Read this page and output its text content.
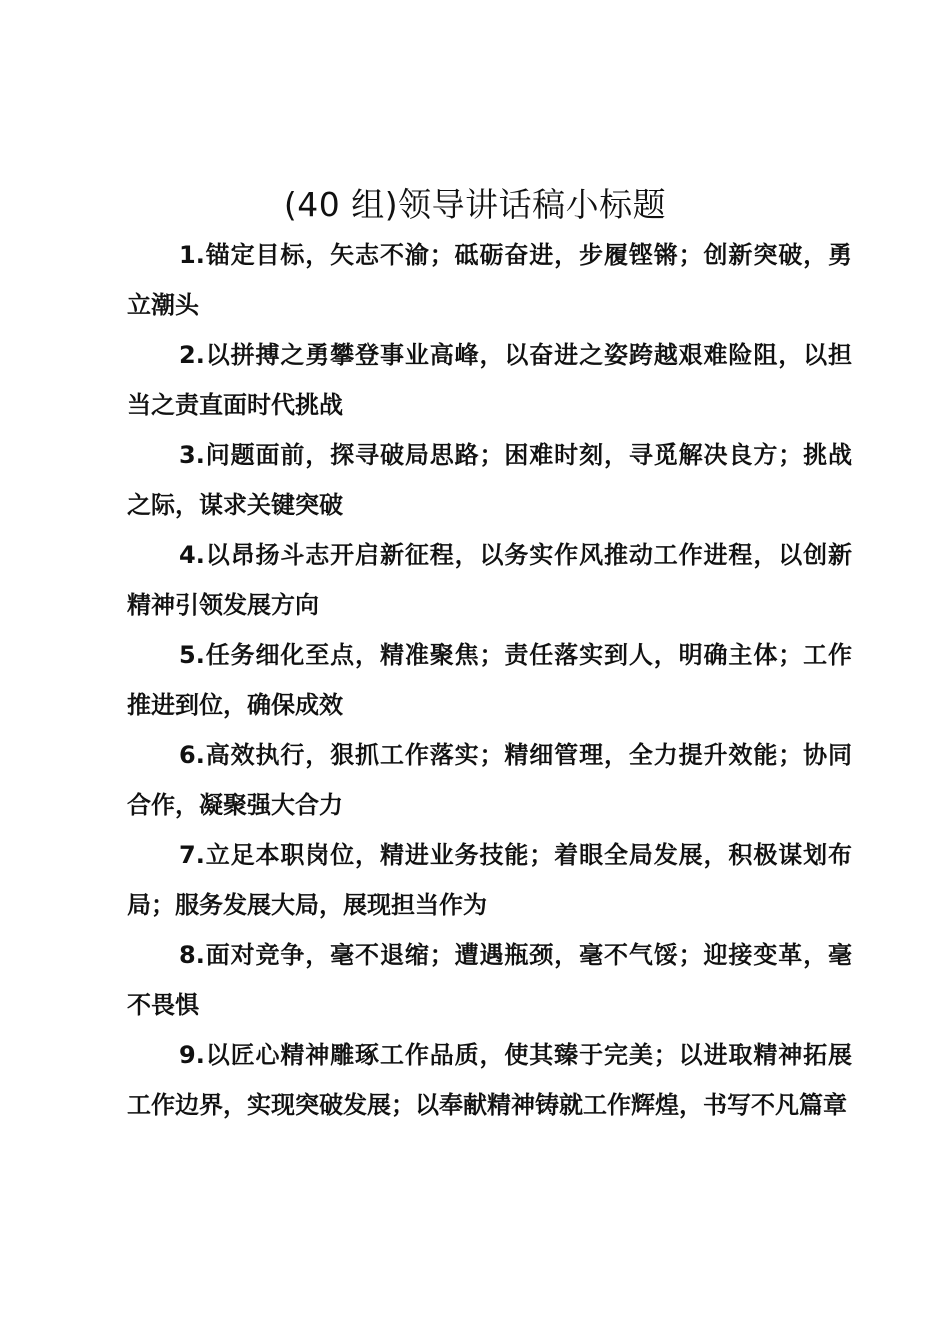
(40 组)领导讲话稿小标题

1.锚定目标，矢志不渝；砥砺奋进，步履铿锵；创新突破，勇立潮头

2.以拼搏之勇攀登事业高峰，以奋进之姿跨越艰难险阻，以担当之责直面时代挑战

3.问题面前，探寻破局思路；困难时刻，寻觅解决良方；挑战之际，谋求关键突破

4.以昂扬斗志开启新征程，以务实作风推动工作进程，以创新精神引领发展方向

5.任务细化至点，精准聚焦；责任落实到人，明确主体；工作推进到位，确保成效

6.高效执行，狠抓工作落实；精细管理，全力提升效能；协同合作，凝聚强大合力

7.立足本职岗位，精进业务技能；着眼全局发展，积极谋划布局；服务发展大局，展现担当作为

8.面对竞争，毫不退缩；遭遇瓶颈，毫不气馁；迎接变革，毫不畏惧

9.以匠心精神雕琢工作品质，使其臻于完美；以进取精神拓展工作边界，实现突破发展；以奉献精神铸就工作辉煌，书写不凡篇章
